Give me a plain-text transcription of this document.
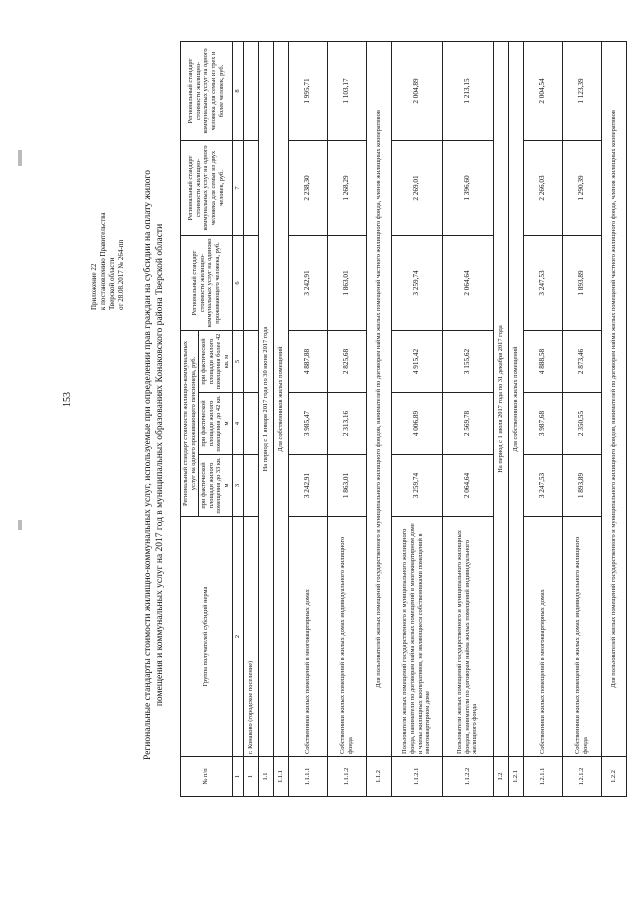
153
Приложение 22 к постановлению Правительства Тверской области от 28.08.2017 № 264-пп Региональные стандарты стоимости жилищно-коммунальных услуг, используемые при определении прав граждан на субсидии на оплату жилого помещения и коммунальных услуг на 2017 год в муниципальных образованиях Конаковского района Тверской области
№ п/п	Группа получателей субсидий нерма	Региональный стандарт стоимости жилищно-коммунальных услуг на одного проживающего пенсионера, руб.			Региональный стандарт стоимости жилищно-коммунальных услуг на одиноко проживающего человека, руб.	Региональный стандарт стоимости жилищно-коммунальных услуг на одного человека для семьи из двух человек, руб.	Региональный стандарт стоимости жилищно-коммунальных услуг на одного человека для семьи из трех и более человек, руб.
		при фактической площади жилого помещения до 33 кв. м	при фактической площади жилого помещения до 42 кв. м	при фактической площади жилого помещения более 42 кв. м			
1	2	3	4	5	6	7	8
1	г. Конаково (городское поселение)						
1.1	На период с 1 января 2017 года по 30 июня 2017 года						
1.1.1	Для собственников жилых помещений						
1.1.1.1	Собственники жилых помещений в многоквартирных домах	3 242,91	3 985,47	4 887,88	3 242,91	2 238,30	1 995,71
1.1.1.2	Собственники жилых помещений в жилых домах индивидуального жилищного фонда	1 863,01	2 313,16	2 825,68	1 863,01	1 268,29	1 103,17
1.1.2	Для пользователей жилых помещений государственного и муниципального жилищного фондов, нанимателей по договорам найма жилых помещений частного жилищного фонда, членов жилищных кооперативов						
1.1.2.1	Пользователи жилых помещений государственного и муниципального жилищного фонда, наниматели по договорам найма жилых помещений в многоквартирном доме и члены жилищных кооперативов, не являющиеся собственниками помещений в многоквартирном доме	3 259,74	4 006,89	4 915,42	3 259,74	2 269,01	2 004,89
1.1.2.2	Пользователи жилых помещений государственного и муниципального жилищных фондов, наниматели по договорам найма жилых помещений индивидуального жилищного фонда	2 064,64	2 569,78	3 155,62	2 064,64	1 396,60	1 213,15
1.2	На период с 1 июля 2017 года по 31 декабря 2017 года						
1.2.1	Для собственников жилых помещений						
1.2.1.1	Собственники жилых помещений в многоквартирных домах	3 247,53	3 987,68	4 888,58	3 247,53	2 266,03	2 004,54
1.2.1.2	Собственники жилых помещений в жилых домах индивидуального жилищного фонда	1 893,89	2 350,55	2 873,46	1 893,89	1 290,39	1 123,39
1.2.2	Для пользователей жилых помещений государственного и муниципального жилищного фондов, нанимателей по договорам найма жилых помещений частного жилищного фонда, членов жилищных кооперативов						
